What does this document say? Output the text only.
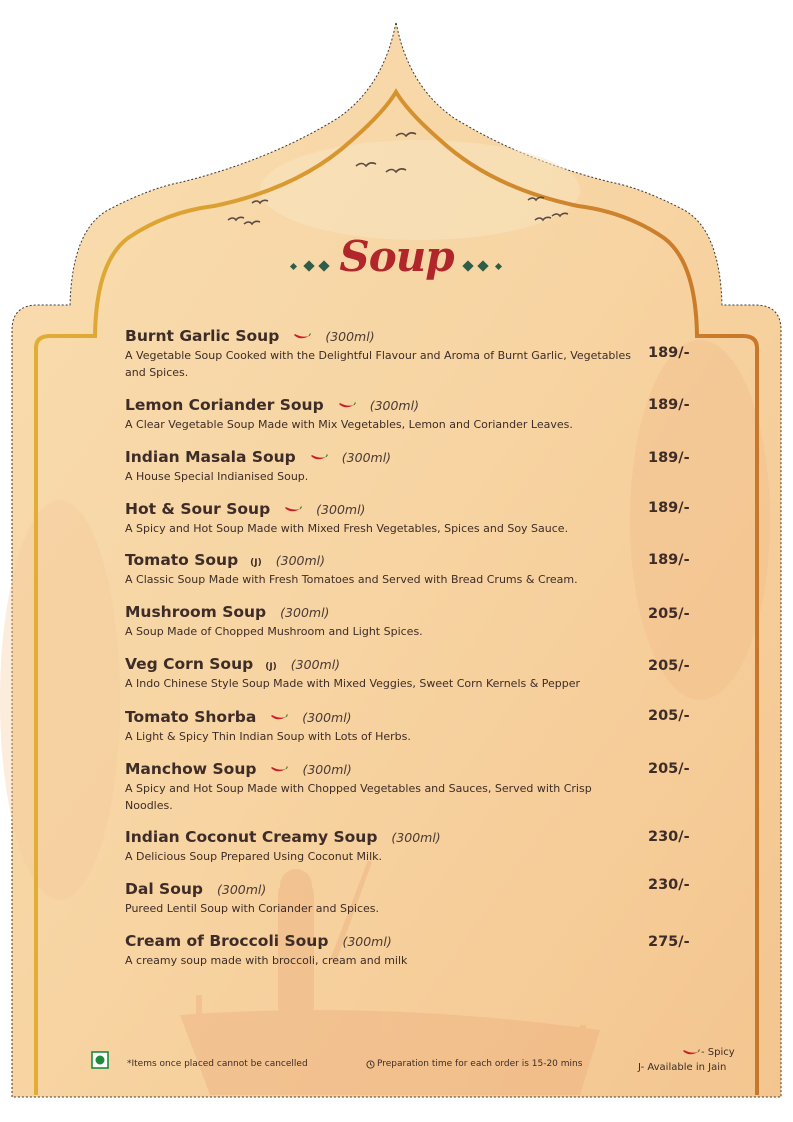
Soup
Burnt Garlic Soup	(300ml)
A Vegetable Soup Cooked with the Delightful Flavour and Aroma of Burnt Garlic, Vegetables and Spices.
189/-
Lemon Coriander Soup	(300ml)
A Clear Vegetable Soup Made with Mix Vegetables, Lemon and Coriander Leaves.
189/-
Indian Masala Soup	(300ml)
A House Special Indianised Soup.
189/-
Hot & Sour Soup	(300ml)
A Spicy and Hot Soup Made with Mixed Fresh Vegetables, Spices and Soy Sauce.
189/-
Tomato Soup (J) (300ml)
A Classic Soup Made with Fresh Tomatoes and Served with Bread Crums & Cream.
189/-
Mushroom Soup (300ml)
A Soup Made of Chopped Mushroom and Light Spices.
205/-
Veg Corn Soup (J) (300ml)
A Indo Chinese Style Soup Made with Mixed Veggies, Sweet Corn Kernels & Pepper
205/-
Tomato Shorba	(300ml)
A Light & Spicy Thin Indian Soup with Lots of Herbs.
205/-
Manchow Soup	(300ml)
A Spicy and Hot Soup Made with Chopped Vegetables and Sauces, Served with Crisp Noodles.
205/-
Indian Coconut Creamy Soup (300ml)
A Delicious Soup Prepared Using Coconut Milk.
230/-
Dal Soup (300ml)
Pureed Lentil Soup with Coriander and Spices.
230/-
Cream of Broccoli Soup (300ml)
A creamy soup made with broccoli, cream and milk
275/-
*Items once placed cannot be cancelled	Preparation time for each order is 15-20 mins
- Spicy
J- Available in Jain
